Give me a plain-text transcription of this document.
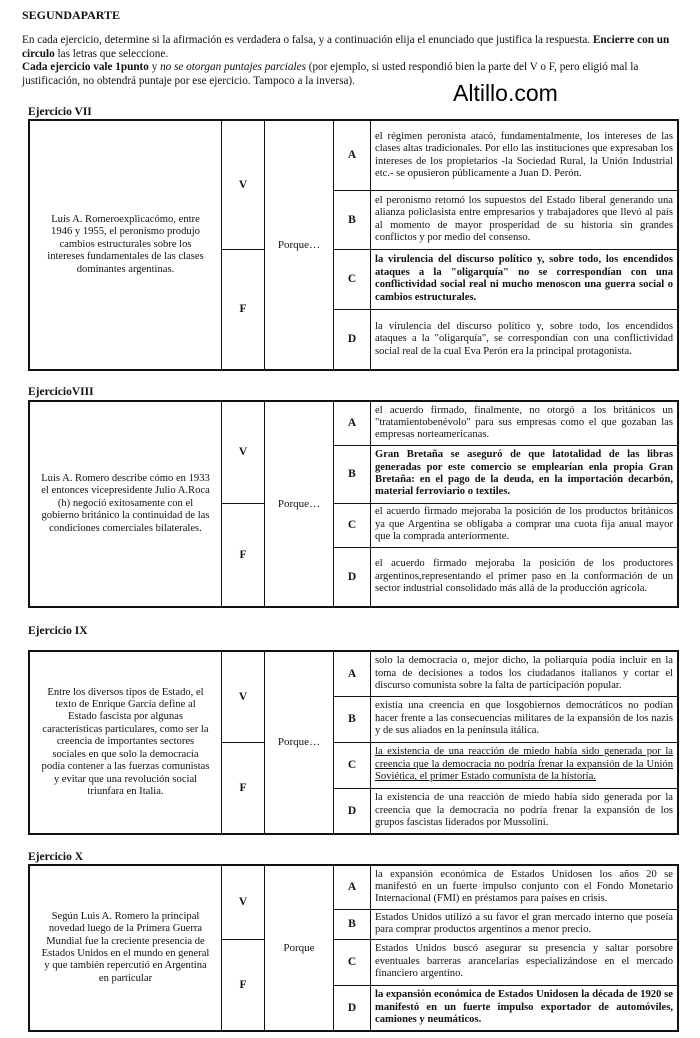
SEGUNDAPARTE
En cada ejercicio, determine si la afirmación es verdadera o falsa, y a continuación elija el enunciado que justifica la respuesta. Encierre con un circulo las letras que seleccione.
Cada ejercicio vale 1punto y no se otorgan puntajes parciales (por ejemplo, si usted respondió bien la parte del V o F, pero eligió mal la justificación, no obtendrá puntaje por ese ejercicio. Tampoco a la inversa).	Altillo.com
Ejercicio VII
Luis A. Romeroexplicacómo, entre 1946 y 1955, el peronismo produjo cambios estructurales sobre los intereses fundamentales de las clases dominantes argentinas.	V	Porque…	A	el régimen peronista atacó, fundamentalmente, los intereses de las clases altas tradicionales. Por ello las instituciones que expresaban los intereses de los propietarios -la Sociedad Rural, la Unión Industrial etc.- se opusieron públicamente a Juan D. Perón.

			B	el peronismo retomó los supuestos del Estado liberal generando una alianza policlasista entre empresarios y trabajadores que llevó al país al momento de mayor prosperidad de su historia sin grandes conflictos y por medio del consenso.

	F		C	la virulencia del discurso político y, sobre todo, los encendidos ataques a la "oligarquía" no se correspondían con una conflictividad social real ni mucho menoscon una guerra social o cambios estructurales.

			D	la virulencia del discurso político y, sobre todo, los encendidos ataques a la "oligarquía", se correspondían con una conflictividad social real de la cual Eva Perón era la principal protagonista.
EjercicioVIII
Luis A. Romero describe cómo en 1933 el entonces vicepresidente Julio A.Roca (h) negoció exitosamente con el gobierno británico la continuidad de las condiciones comerciales bilaterales.	V	Porque…	A	el acuerdo firmado, finalmente, no otorgó a los británicos un "tratamientobenévolo" para sus empresas como el que gozaban las empresas norteamericanas.

			B	Gran Bretaña se aseguró de que latotalidad de las libras generadas por este comercio se emplearían enla propia Gran Bretaña: en el pago de la deuda, en la importación decarbón, material ferroviario o textiles.

	F		C	el acuerdo firmado mejoraba la posición de los productos británicos ya que Argentina se obligaba a comprar una cuota fija anual mayor que la comprada anteriormente.

			D	el acuerdo firmado mejoraba la posición de los productores argentinos,representando el primer paso en la conformación de un sector industrial consolidado más allá de la producción agrícola.
Ejercicio IX
Entre los diversos tipos de Estado, el texto de Enrique García define al Estado fascista por algunas características particulares, como ser la creencia de importantes sectores sociales en que solo la democracia podía contener a las fuerzas comunistas y evitar que una revolución social triunfara en Italia.	V	Porque…	A	solo la democracia o, mejor dicho, la poliarquía podía incluir en la toma de decisiones a todos los ciudadanos italianos y cortar el discurso comunista sobre la falta de participación popular.

			B	existía una creencia en que losgobiernos democráticos no podían hacer frente a las consecuencias militares de la expansión de los nazis y de sus aliados en la península itálica.

	F		C	la existencia de una reacción de miedo había sido generada por la creencia que la democracia no podría frenar la expansión de la Unión Soviética, el primer Estado comunista de la historia.

			D	la existencia de una reacción de miedo había sido generada por la creencia que la democracia no podría frenar la expansión de los grupos fascistas liderados por Mussolini.
Ejercicio X
Según Luis A. Romero la principal novedad luego de la Primera Guerra Mundial fue la creciente presencia de Estados Unidos en el mundo en general y que también repercutió en Argentina en particular	V	Porque	A	la expansión económica de Estados Unidosen los años 20 se manifestó en un fuerte impulso conjunto con el Fondo Monetario Internacional (FMI) en préstamos para países en crisis.

			B	Estados Unidos utilizó a su favor el gran mercado interno que poseía para comprar productos argentinos a menor precio.

	F		C	Estados Unidos buscó asegurar su presencia y saltar porsobre eventuales barreras arancelarias especializándose en el mercado financiero argentino.

			D	la expansión económica de Estados Unidosen la década de 1920 se manifestó en un fuerte impulso exportador de automóviles, camiones y neumáticos.
